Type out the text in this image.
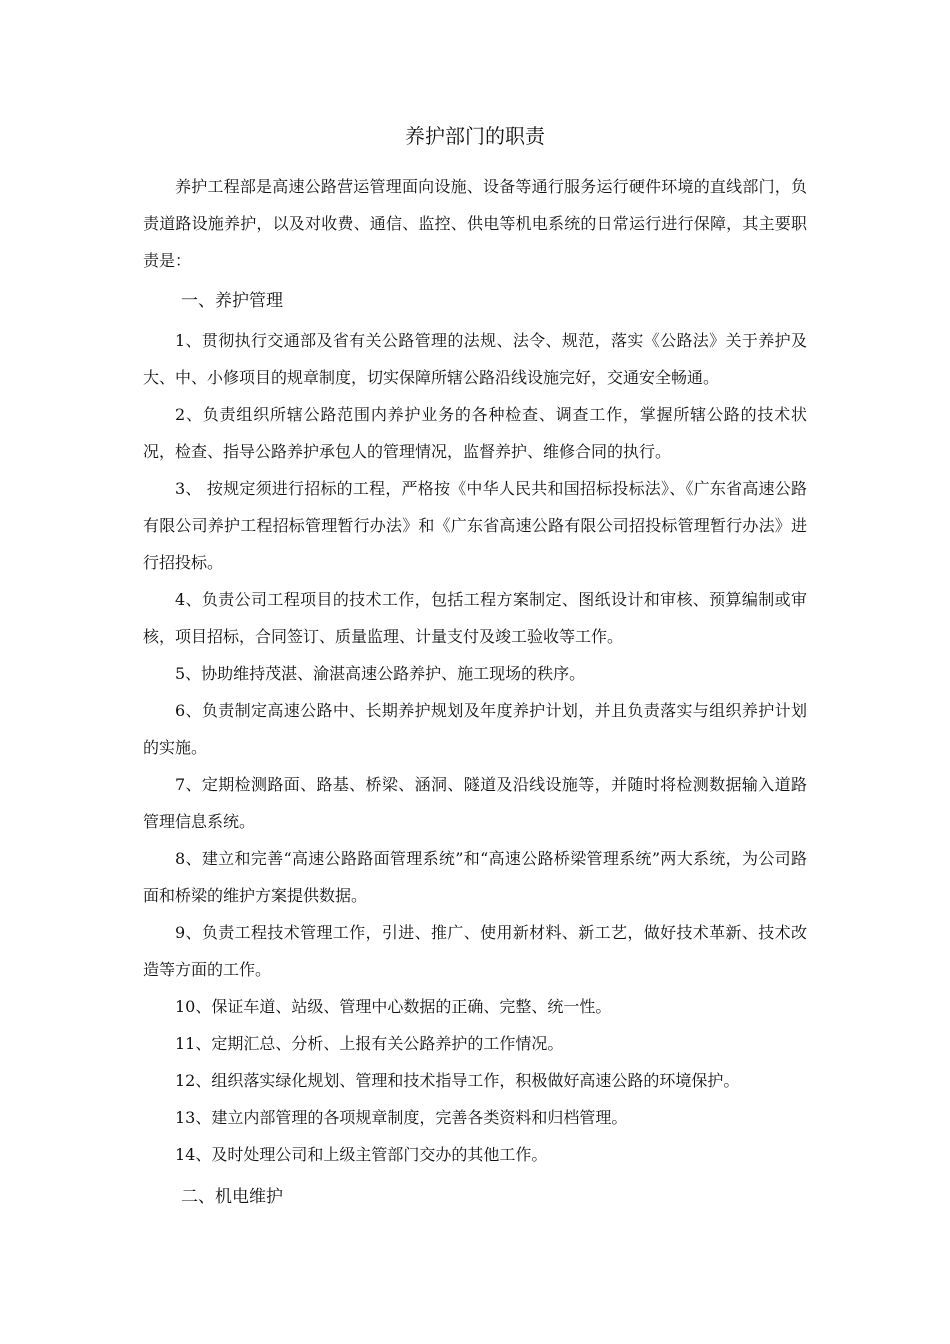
养护部门的职责

养护工程部是高速公路营运管理面向设施、设备等通行服务运行硬件环境的直线部门，负责道路设施养护，以及对收费、通信、监控、供电等机电系统的日常运行进行保障，其主要职责是：

一、养护管理

1、贯彻执行交通部及省有关公路管理的法规、法令、规范，落实《公路法》关于养护及大、中、小修项目的规章制度，切实保障所辖公路沿线设施完好，交通安全畅通。

2、负责组织所辖公路范围内养护业务的各种检查、调查工作，掌握所辖公路的技术状况，检查、指导公路养护承包人的管理情况，监督养护、维修合同的执行。

3、 按规定须进行招标的工程，严格按《中华人民共和国招标投标法》、《广东省高速公路有限公司养护工程招标管理暂行办法》和《广东省高速公路有限公司招投标管理暂行办法》进行招投标。

4、负责公司工程项目的技术工作，包括工程方案制定、图纸设计和审核、预算编制或审核，项目招标，合同签订、质量监理、计量支付及竣工验收等工作。

5、协助维持茂湛、渝湛高速公路养护、施工现场的秩序。

6、负责制定高速公路中、长期养护规划及年度养护计划，并且负责落实与组织养护计划的实施。

7、定期检测路面、路基、桥梁、涵洞、隧道及沿线设施等，并随时将检测数据输入道路管理信息系统。

8、建立和完善“高速公路路面管理系统”和“高速公路桥梁管理系统”两大系统，为公司路面和桥梁的维护方案提供数据。

9、负责工程技术管理工作，引进、推广、使用新材料、新工艺，做好技术革新、技术改造等方面的工作。

10、保证车道、站级、管理中心数据的正确、完整、统一性。

11、定期汇总、分析、上报有关公路养护的工作情况。

12、组织落实绿化规划、管理和技术指导工作，积极做好高速公路的环境保护。

13、建立内部管理的各项规章制度，完善各类资料和归档管理。

14、及时处理公司和上级主管部门交办的其他工作。

二、机电维护
